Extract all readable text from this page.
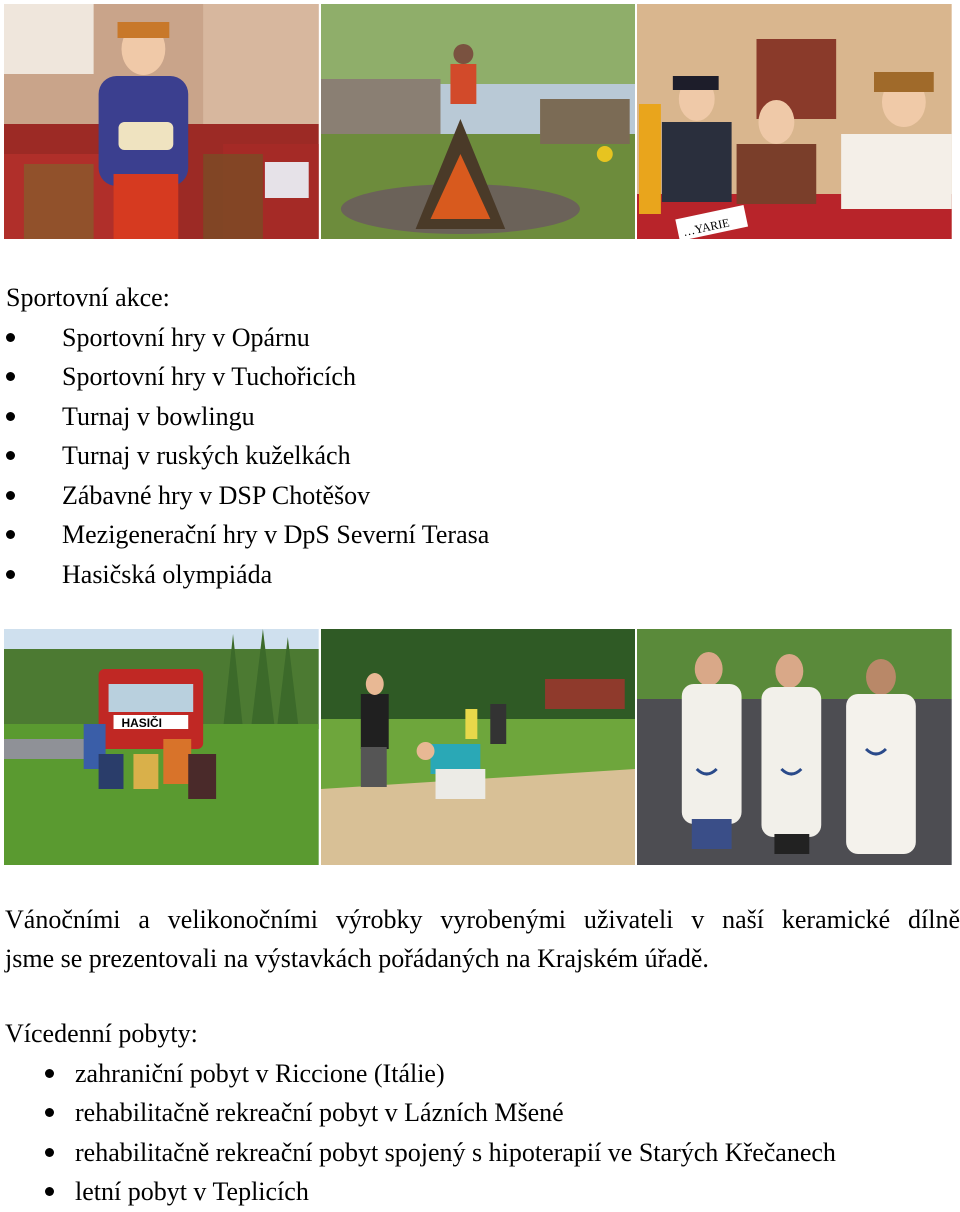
…YARIE
Sportovní akce:
Sportovní hry v Opárnu
Sportovní hry v Tuchořicích
Turnaj v bowlingu
Turnaj v ruských kuželkách
Zábavné hry v DSP Chotěšov
Mezigenerační hry v DpS Severní Terasa
Hasičská olympiáda
HASIČI
Vánočními a velikonočními výrobky vyrobenými uživateli v naší keramické dílně
jsme se prezentovali na výstavkách pořádaných na Krajském úřadě.
Vícedenní pobyty:
zahraniční pobyt v Riccione (Itálie)
rehabilitačně rekreační pobyt v Lázních Mšené
rehabilitačně rekreační pobyt spojený s hipoterapií ve Starých Křečanech
letní pobyt v Teplicích
